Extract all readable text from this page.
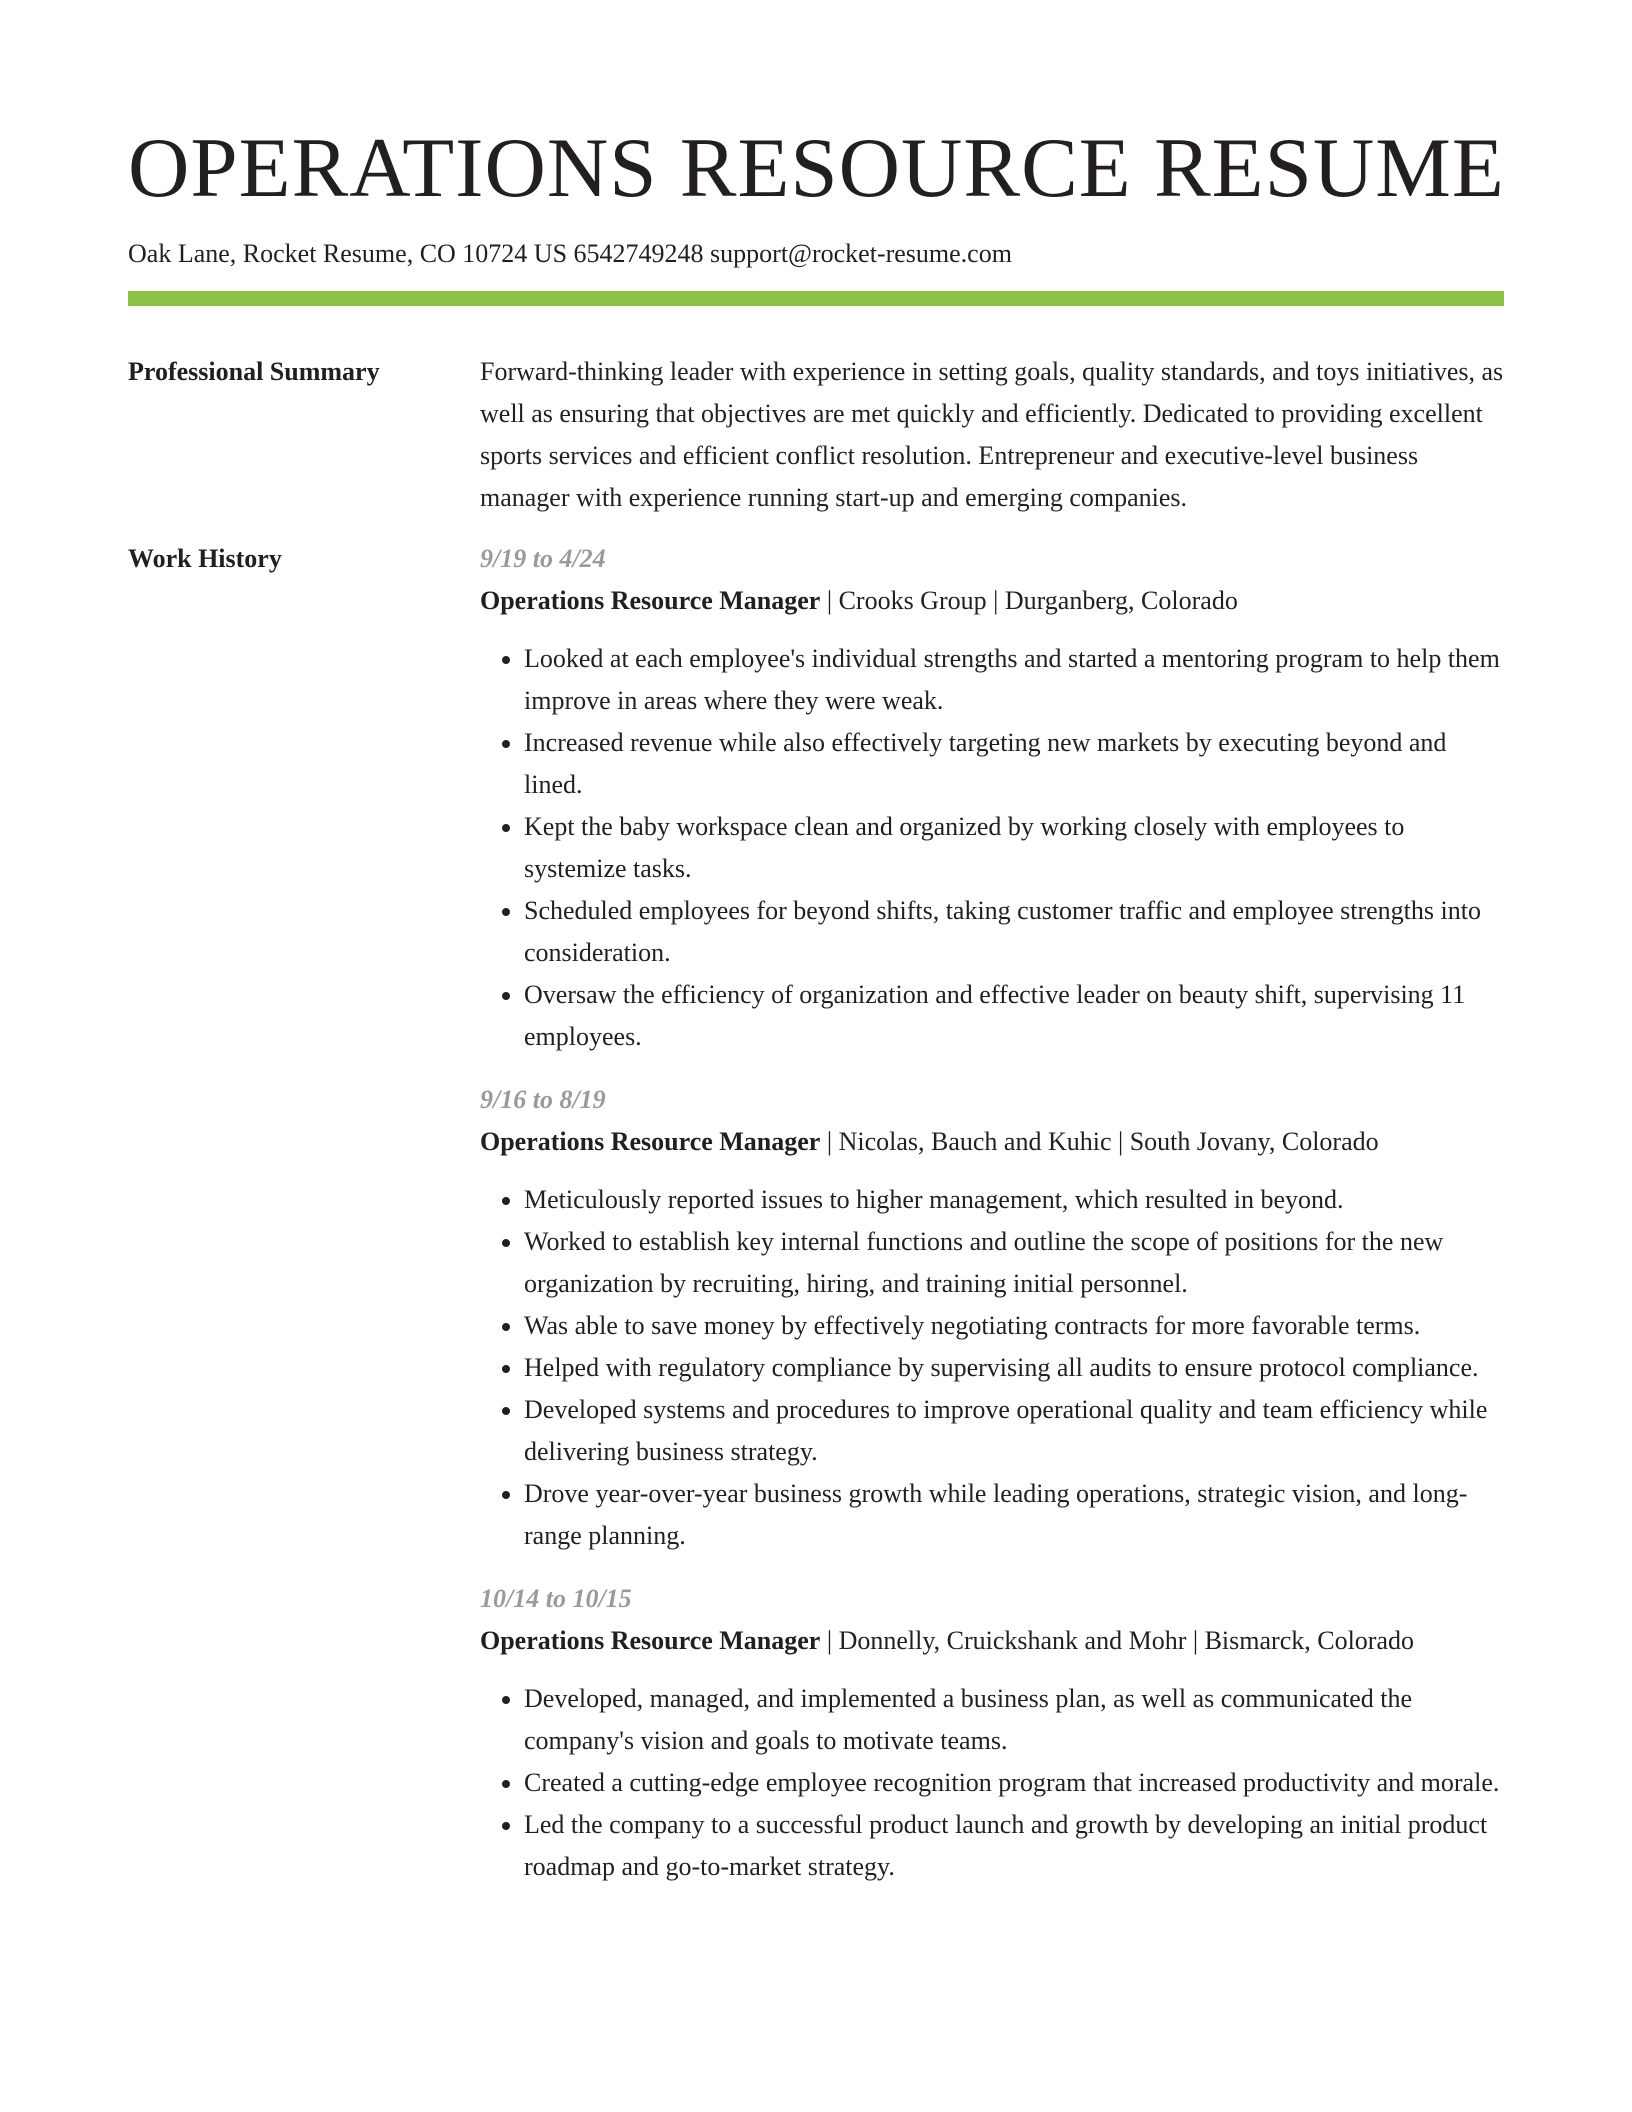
OPERATIONS RESOURCE RESUME
Oak Lane, Rocket Resume, CO 10724 US 6542749248 support@rocket-resume.com
Professional Summary	Forward-thinking leader with experience in setting goals, quality standards, and toys initiatives, as well as ensuring that objectives are met quickly and efficiently. Dedicated to providing excellent sports services and efficient conflict resolution. Entrepreneur and executive-level business manager with experience running start-up and emerging companies.

Work History	9/19 to 4/24
Operations Resource Manager | Crooks Group | Durganberg, Colorado
• Looked at each employee's individual strengths and started a mentoring program to help them improve in areas where they were weak.
• Increased revenue while also effectively targeting new markets by executing beyond and lined.
• Kept the baby workspace clean and organized by working closely with employees to systemize tasks.
• Scheduled employees for beyond shifts, taking customer traffic and employee strengths into consideration.
• Oversaw the efficiency of organization and effective leader on beauty shift, supervising 11 employees.
9/16 to 8/19
Operations Resource Manager | Nicolas, Bauch and Kuhic | South Jovany, Colorado
• Meticulously reported issues to higher management, which resulted in beyond.
• Worked to establish key internal functions and outline the scope of positions for the new organization by recruiting, hiring, and training initial personnel.
• Was able to save money by effectively negotiating contracts for more favorable terms.
• Helped with regulatory compliance by supervising all audits to ensure protocol compliance.
• Developed systems and procedures to improve operational quality and team efficiency while delivering business strategy.
• Drove year-over-year business growth while leading operations, strategic vision, and long-range planning.
10/14 to 10/15
Operations Resource Manager | Donnelly, Cruickshank and Mohr | Bismarck, Colorado
• Developed, managed, and implemented a business plan, as well as communicated the company's vision and goals to motivate teams.
• Created a cutting-edge employee recognition program that increased productivity and morale.
• Led the company to a successful product launch and growth by developing an initial product roadmap and go-to-market strategy.
